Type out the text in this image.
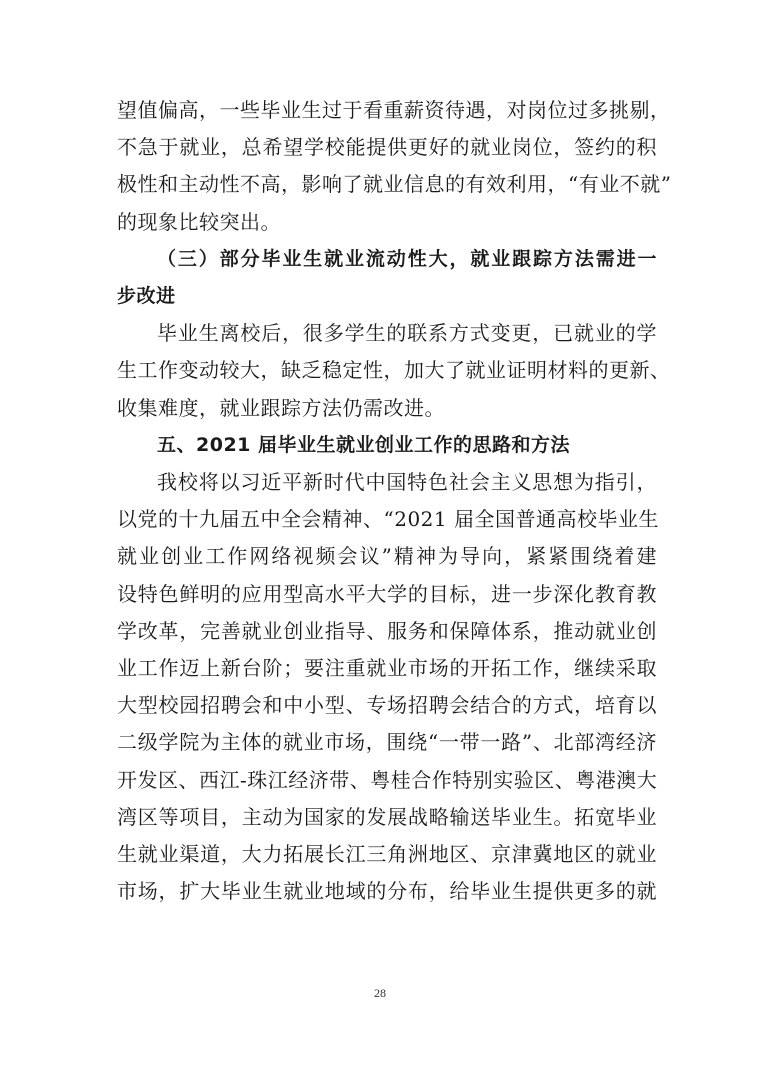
望值偏高，一些毕业生过于看重薪资待遇，对岗位过多挑剔，
不急于就业，总希望学校能提供更好的就业岗位，签约的积
极性和主动性不高，影响了就业信息的有效利用，“有业不就”
的现象比较突出。
（三）部分毕业生就业流动性大，就业跟踪方法需进一
步改进
毕业生离校后，很多学生的联系方式变更，已就业的学
生工作变动较大，缺乏稳定性，加大了就业证明材料的更新、
收集难度，就业跟踪方法仍需改进。
五、2021 届毕业生就业创业工作的思路和方法
我校将以习近平新时代中国特色社会主义思想为指引，
以党的十九届五中全会精神、“2021 届全国普通高校毕业生
就业创业工作网络视频会议”精神为导向，紧紧围绕着建
设特色鲜明的应用型高水平大学的目标，进一步深化教育教
学改革，完善就业创业指导、服务和保障体系，推动就业创
业工作迈上新台阶；要注重就业市场的开拓工作，继续采取
大型校园招聘会和中小型、专场招聘会结合的方式，培育以
二级学院为主体的就业市场，围绕“一带一路”、北部湾经济
开发区、西江-珠江经济带、粤桂合作特别实验区、粤港澳大
湾区等项目，主动为国家的发展战略输送毕业生。拓宽毕业
生就业渠道，大力拓展长江三角洲地区、京津冀地区的就业
市场，扩大毕业生就业地域的分布，给毕业生提供更多的就
28
